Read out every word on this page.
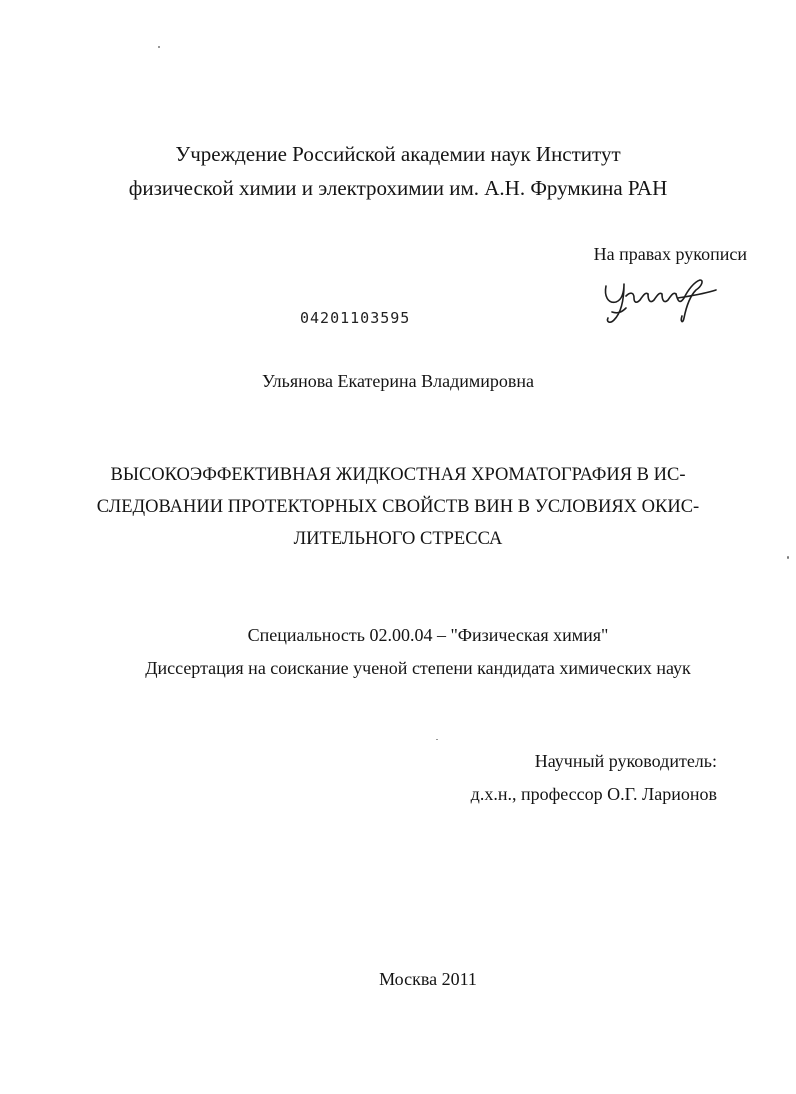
Учреждение Российской академии наук Институт
физической химии и электрохимии им. А.Н. Фрумкина РАН
На правах рукописи
04201103595
Ульянова Екатерина Владимировна
ВЫСОКОЭФФЕКТИВНАЯ ЖИДКОСТНАЯ ХРОМАТОГРАФИЯ В ИС-
СЛЕДОВАНИИ ПРОТЕКТОРНЫХ СВОЙСТВ ВИН В УСЛОВИЯХ ОКИС-
ЛИТЕЛЬНОГО СТРЕССА
Специальность 02.00.04 – "Физическая химия"
Диссертация на соискание ученой степени кандидата химических наук
Научный руководитель:
д.х.н., профессор О.Г. Ларионов
Москва 2011
